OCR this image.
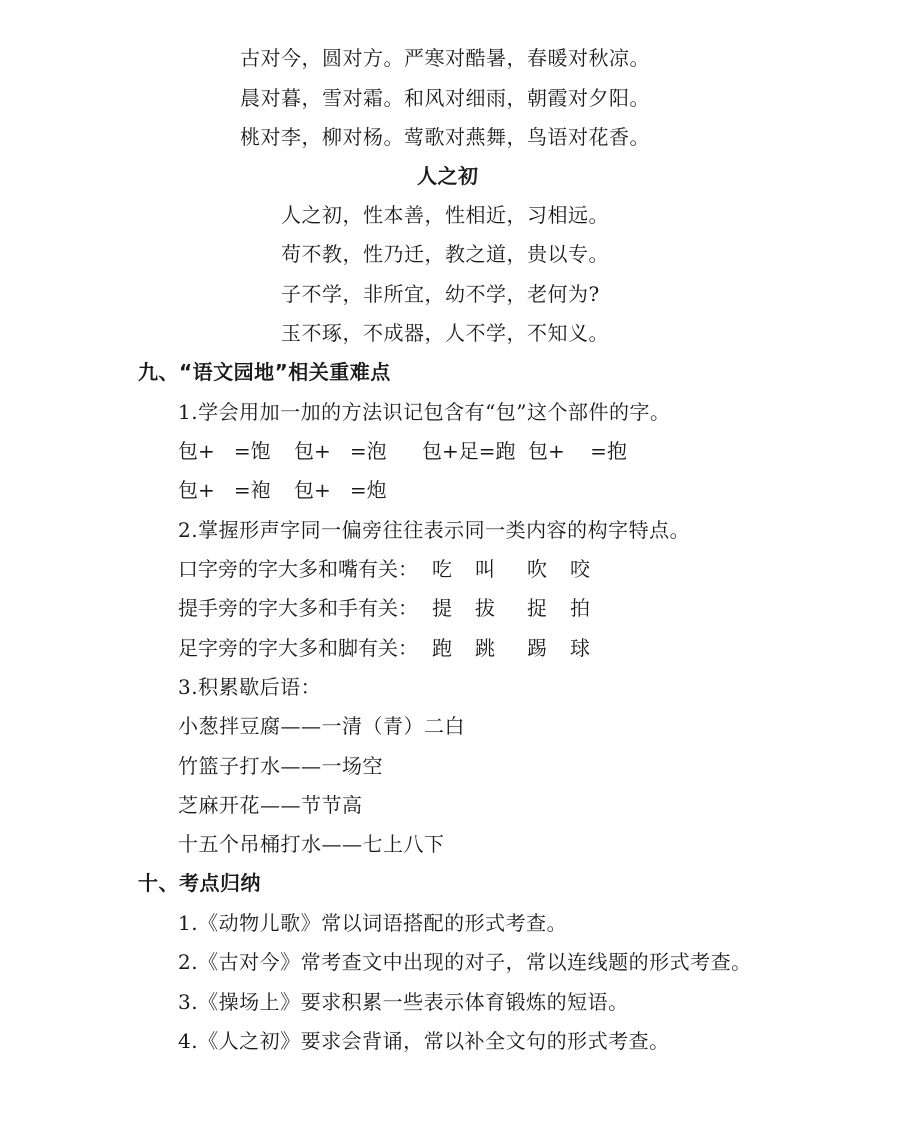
古对今，圆对方。严寒对酷暑，春暖对秋凉。
晨对暮，雪对霜。和风对细雨，朝霞对夕阳。
桃对李，柳对杨。莺歌对燕舞，鸟语对花香。
人之初
人之初，性本善，性相近，习相远。
苟不教，性乃迁，教之道，贵以专。
子不学，非所宜，幼不学，老何为?
玉不琢，不成器，人不学，不知义。
九、“语文园地”相关重难点
1.学会用加一加的方法识记包含有“包”这个部件的字。
包+   =饱 包+   =泡 包+足=跑 包+    =抱
包+   =袍 包+   =炮
2.掌握形声字同一偏旁往往表示同一类内容的构字特点。
口字旁的字大多和嘴有关： 吃 叫 吹 咬
提手旁的字大多和手有关： 提 拔 捉 拍
足字旁的字大多和脚有关： 跑 跳 踢 球
3.积累歇后语：
小葱拌豆腐——一清（青）二白
竹篮子打水——一场空
芝麻开花——节节高
十五个吊桶打水——七上八下
十、考点归纳
1.《动物儿歌》常以词语搭配的形式考查。
2.《古对今》常考查文中出现的对子，常以连线题的形式考查。
3.《操场上》要求积累一些表示体育锻炼的短语。
4.《人之初》要求会背诵，常以补全文句的形式考查。
